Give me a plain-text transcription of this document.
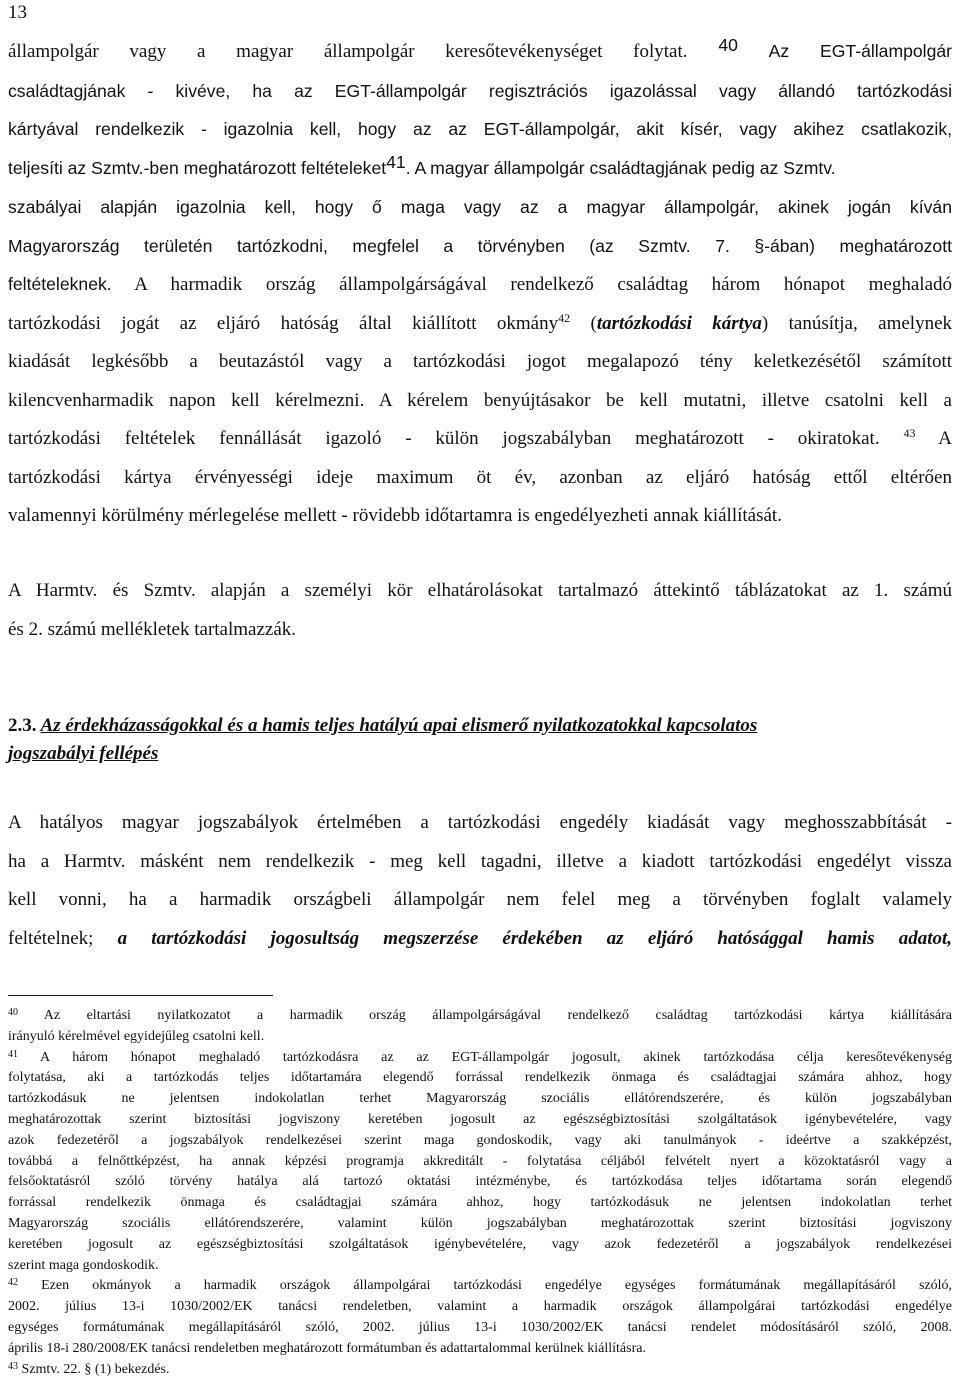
13
állampolgár vagy a magyar állampolgár keresőtevékenységet folytat. 40 Az EGT-állampolgár
családtagjának - kivéve, ha az EGT-állampolgár regisztrációs igazolással vagy állandó tartózkodási
kártyával rendelkezik - igazolnia kell, hogy az az EGT-állampolgár, akit kísér, vagy akihez csatlakozik,
teljesíti az Szmtv.-ben meghatározott feltételeket41. A magyar állampolgár családtagjának pedig az Szmtv.
szabályai alapján igazolnia kell, hogy ő maga vagy az a magyar állampolgár, akinek jogán kíván
Magyarország területén tartózkodni, megfelel a törvényben (az Szmtv. 7. §-ában) meghatározott
feltételeknek. A harmadik ország állampolgárságával rendelkező családtag három hónapot meghaladó
tartózkodási jogát az eljáró hatóság által kiállított okmány$^{42}$ (tartózkodási kártya) tanúsítja, amelynek
kiadását legkésőbb a beutazástól vagy a tartózkodási jogot megalapozó tény keletkezésétől számított
kilencvenharmadik napon kell kérelmezni. A kérelem benyújtásakor be kell mutatni, illetve csatolni kell a
tartózkodási feltételek fennállását igazoló - külön jogszabályban meghatározott - okiratokat. $^{43}$ A
tartózkodási kártya érvényességi ideje maximum öt év, azonban az eljáró hatóság ettől eltérően
valamennyi körülmény mérlegelése mellett - rövidebb időtartamra is engedélyezheti annak kiállítását.
A Harmtv. és Szmtv. alapján a személyi kör elhatárolásokat tartalmazó áttekintő táblázatokat az 1. számú
és 2. számú mellékletek tartalmazzák.
2.3. Az érdekházasságokkal és a hamis teljes hatályú apai elismerő nyilatkozatokkal kapcsolatos
jogszabályi fellépés
A hatályos magyar jogszabályok értelmében a tartózkodási engedély kiadását vagy meghosszabbítását -
ha a Harmtv. másként nem rendelkezik - meg kell tagadni, illetve a kiadott tartózkodási engedélyt vissza
kell vonni, ha a harmadik országbeli állampolgár nem felel meg a törvényben foglalt valamely
feltételnek; a tartózkodási jogosultság megszerzése érdekében az eljáró hatósággal hamis adatot,
$^{40}$ Az eltartási nyilatkozatot a harmadik ország állampolgárságával rendelkező családtag tartózkodási kártya kiállítására
irányuló kérelmével egyidejűleg csatolni kell.
$^{41}$ A három hónapot meghaladó tartózkodásra az az EGT-állampolgár jogosult, akinek tartózkodása célja keresőtevékenység
folytatása, aki a tartózkodás teljes időtartamára elegendő forrással rendelkezik önmaga és családtagjai számára ahhoz, hogy
tartózkodásuk ne jelentsen indokolatlan terhet Magyarország szociális ellátórendszerére, és külön jogszabályban
meghatározottak szerint biztosítási jogviszony keretében jogosult az egészségbiztosítási szolgáltatások igénybevételére, vagy
azok fedezetéről a jogszabályok rendelkezései szerint maga gondoskodik, vagy aki tanulmányok - ideértve a szakképzést,
továbbá a felnőttképzést, ha annak képzési programja akkreditált - folytatása céljából felvételt nyert a közoktatásról vagy a
felsőoktatásról szóló törvény hatálya alá tartozó oktatási intézménybe, és tartózkodása teljes időtartama során elegendő
forrással rendelkezik önmaga és családtagjai számára ahhoz, hogy tartózkodásuk ne jelentsen indokolatlan terhet
Magyarország szociális ellátórendszerére, valamint külön jogszabályban meghatározottak szerint biztosítási jogviszony
keretében jogosult az egészségbiztosítási szolgáltatások igénybevételére, vagy azok fedezetéről a jogszabályok rendelkezései
szerint maga gondoskodik.
$^{42}$ Ezen okmányok a harmadik országok állampolgárai tartózkodási engedélye egységes formátumának megállapításáról szóló,
2002. július 13-i 1030/2002/EK tanácsi rendeletben, valamint a harmadik országok állampolgárai tartózkodási engedélye
egységes formátumának megállapításáról szóló, 2002. július 13-i 1030/2002/EK tanácsi rendelet módosításáról szóló, 2008.
április 18-i 280/2008/EK tanácsi rendeletben meghatározott formátumban és adattartalommal kerülnek kiállításra.
$^{43}$ Szmtv. 22. § (1) bekezdés.
